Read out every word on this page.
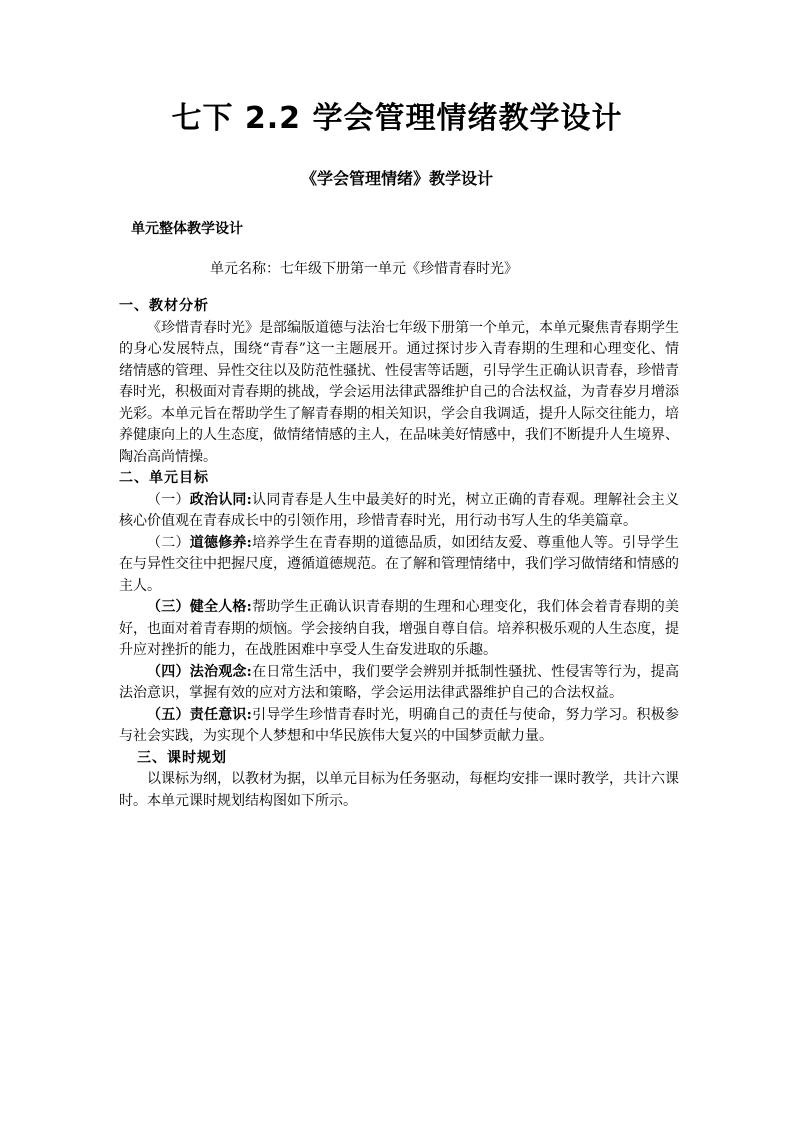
七下 2.2 学会管理情绪教学设计
《学会管理情绪》教学设计
单元整体教学设计
单元名称：七年级下册第一单元《珍惜青春时光》

一、教材分析

《珍惜青春时光》是部编版道德与法治七年级下册第一个单元，本单元聚焦青春期学生的身心发展特点，围绕“青春”这一主题展开。通过探讨步入青春期的生理和心理变化、情绪情感的管理、异性交往以及防范性骚扰、性侵害等话题，引导学生正确认识青春，珍惜青春时光，积极面对青春期的挑战，学会运用法律武器维护自己的合法权益，为青春岁月增添光彩。本单元旨在帮助学生了解青春期的相关知识，学会自我调适，提升人际交往能力，培养健康向上的人生态度，做情绪情感的主人，在品味美好情感中，我们不断提升人生境界、陶冶高尚情操。

二、单元目标

（一）政治认同:认同青春是人生中最美好的时光，树立正确的青春观。理解社会主义核心价值观在青春成长中的引领作用，珍惜青春时光，用行动书写人生的华美篇章。

（二）道德修养:培养学生在青春期的道德品质，如团结友爱、尊重他人等。引导学生在与异性交往中把握尺度，遵循道德规范。在了解和管理情绪中，我们学习做情绪和情感的主人。

（三）健全人格:帮助学生正确认识青春期的生理和心理变化，我们体会着青春期的美好，也面对着青春期的烦恼。学会接纳自我，增强自尊自信。培养积极乐观的人生态度，提升应对挫折的能力，在战胜困难中享受人生奋发进取的乐趣。

（四）法治观念:在日常生活中，我们要学会辨别并抵制性骚扰、性侵害等行为，提高法治意识，掌握有效的应对方法和策略，学会运用法律武器维护自己的合法权益。

（五）责任意识:引导学生珍惜青春时光，明确自己的责任与使命，努力学习。积极参与社会实践，为实现个人梦想和中华民族伟大复兴的中国梦贡献力量。

三、课时规划

以课标为纲，以教材为据，以单元目标为任务驱动，每框均安排一课时教学，共计六课时。本单元课时规划结构图如下所示。
